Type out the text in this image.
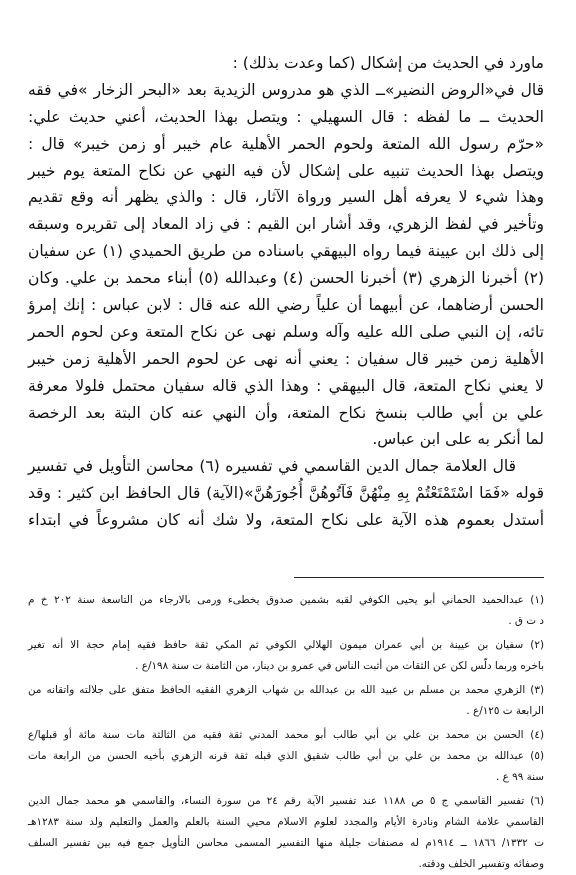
ماورد في الحديث من إشكال (كما وعدت بذلك) :
قال في«الروض النضير»ــ الذي هو مدروس الزيدية بعد «البحر الزخار »في فقه
الحديث ــ ما لفظه : قال السهيلي : ويتصل بهذا الحديث، أعني حديث علي:
«حرّم رسول الله المتعة ولحوم الحمر الأهلية عام خيبر أو زمن خيبر» قال :
ويتصل بهذا الحديث تنبيه على إشكال لأن فيه النهي عن نكاح المتعة يوم خيبر
وهذا شيء لا يعرفه أهل السير ورواة الآثار، قال : والذي يظهر أنه وقع تقديم
وتأخير في لفظ الزهري، وقد أشار ابن القيم : في زاد المعاد إلى تقريره وسبقه
إلى ذلك ابن عيينة فيما رواه البيهقي باسناده من طريق الحميدي (١) عن سفيان
(٢) أخبرنا الزهري (٣) أخبرنا الحسن (٤) وعبدالله (٥) أبناء محمد بن علي. وكان
الحسن أرضاهما، عن أبيهما أن علياً رضي الله عنه قال : لابن عباس : إنك إمرؤ
تائه، إن النبي صلى الله عليه وآله وسلم نهى عن نكاح المتعة وعن لحوم الحمر
الأهلية زمن خيبر قال سفيان : يعني أنه نهى عن لحوم الحمر الأهلية زمن خيبر
لا يعني نكاح المتعة، قال البيهقي : وهذا الذي قاله سفيان محتمل فلولا معرفة
علي بن أبي طالب بنسخ نكاح المتعة، وأن النهي عنه كان البتة بعد الرخصة
لما أنكر به على ابن عباس.
قال العلامة جمال الدين القاسمي في تفسيره (٦) محاسن التأويل في تفسير
قوله «فَمَا اسْتَمْتَعْتُمْ بِهِ مِنْهُنَّ فَآتُوهُنَّ أُجُورَهُنَّ»(الآية) قال الحافظ ابن كثير : وقد
أستدل بعموم هذه الآية على نكاح المتعة، ولا شك أنه كان مشروعاً في ابتداء
(١) عبدالحميد الحماني أبو يحيى الكوفي لقبه بشمين صدوق يخطىء ورمى بالارجاء من التاسعة سنة ٢٠٢ خ م
د ت ق .
(٢) سفيان بن عيينة بن أبي عمران ميمون الهلالي الكوفي ثم المكي ثقة حافظ فقيه إمام حجة الا أنه تغير
باخره وربما دلّس لكن عن الثقات من أثبت الناس في عمرو بن دينار، من الثامنة ت سنة ١٩٨/ع .
(٣) الزهري محمد بن مسلم بن عبيد الله بن عبدالله بن شهاب الزهري الفقيه الحافظ متفق على جلالته واتقانه من
الرابعة ت ١٢٥/ع .
(٤) الحسن بن محمد بن علي بن أبي طالب أبو محمد المدني ثقة فقيه من الثالثة مات سنة مائة أو قبلها/ع
(٥) عبدالله بن محمد بن علي بن أبي طالب شقيق الذي قبله ثقة قرنه الزهري بأخيه الحسن من الرابعة مات
سنة ٩٩ ع .
(٦) تفسير القاسمي ج ٥ ص ١١٨٨ عند تفسير الآية رقم ٢٤ من سورة النساء، والقاسمي هو محمد جمال الدين
القاسمي علامة الشام ونادرة الأيام والمجدد لعلوم الاسلام محيي السنة بالعلم والعمل والتعليم ولد سنة ١٢٨٣هـ
ت ١٣٣٢/ ١٨٦٦ ــ ١٩١٤م له مصنفات جليلة منها التفسير المسمى محاسن التأويل جمع فيه بين تفسير السلف
وصفائه وتفسير الخلف ودقته.
